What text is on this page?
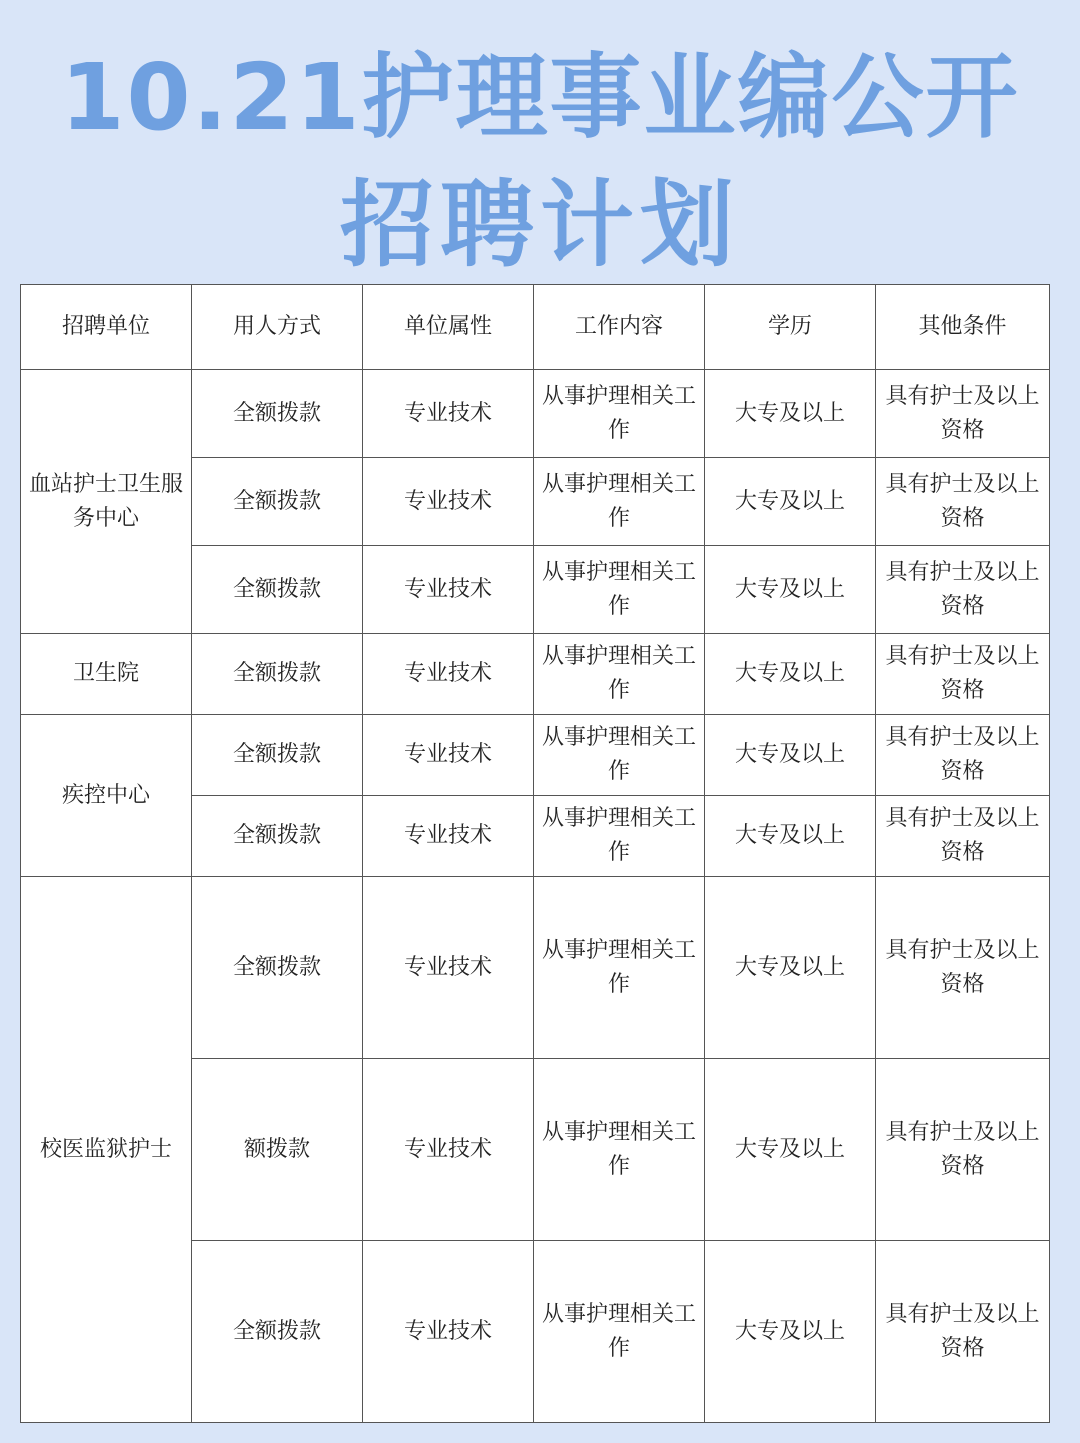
10.21护理事业编公开
招聘计划
招聘单位	用人方式	单位属性	工作内容	学历	其他条件
血站护士卫生服务中心	全额拨款	专业技术	从事护理相关工作	大专及以上	具有护士及以上资格
	全额拨款	专业技术	从事护理相关工作	大专及以上	具有护士及以上资格
	全额拨款	专业技术	从事护理相关工作	大专及以上	具有护士及以上资格
卫生院	全额拨款	专业技术	从事护理相关工作	大专及以上	具有护士及以上资格
疾控中心	全额拨款	专业技术	从事护理相关工作	大专及以上	具有护士及以上资格
	全额拨款	专业技术	从事护理相关工作	大专及以上	具有护士及以上资格
校医监狱护士	全额拨款	专业技术	从事护理相关工作	大专及以上	具有护士及以上资格
	额拨款	专业技术	从事护理相关工作	大专及以上	具有护士及以上资格
	全额拨款	专业技术	从事护理相关工作	大专及以上	具有护士及以上资格
